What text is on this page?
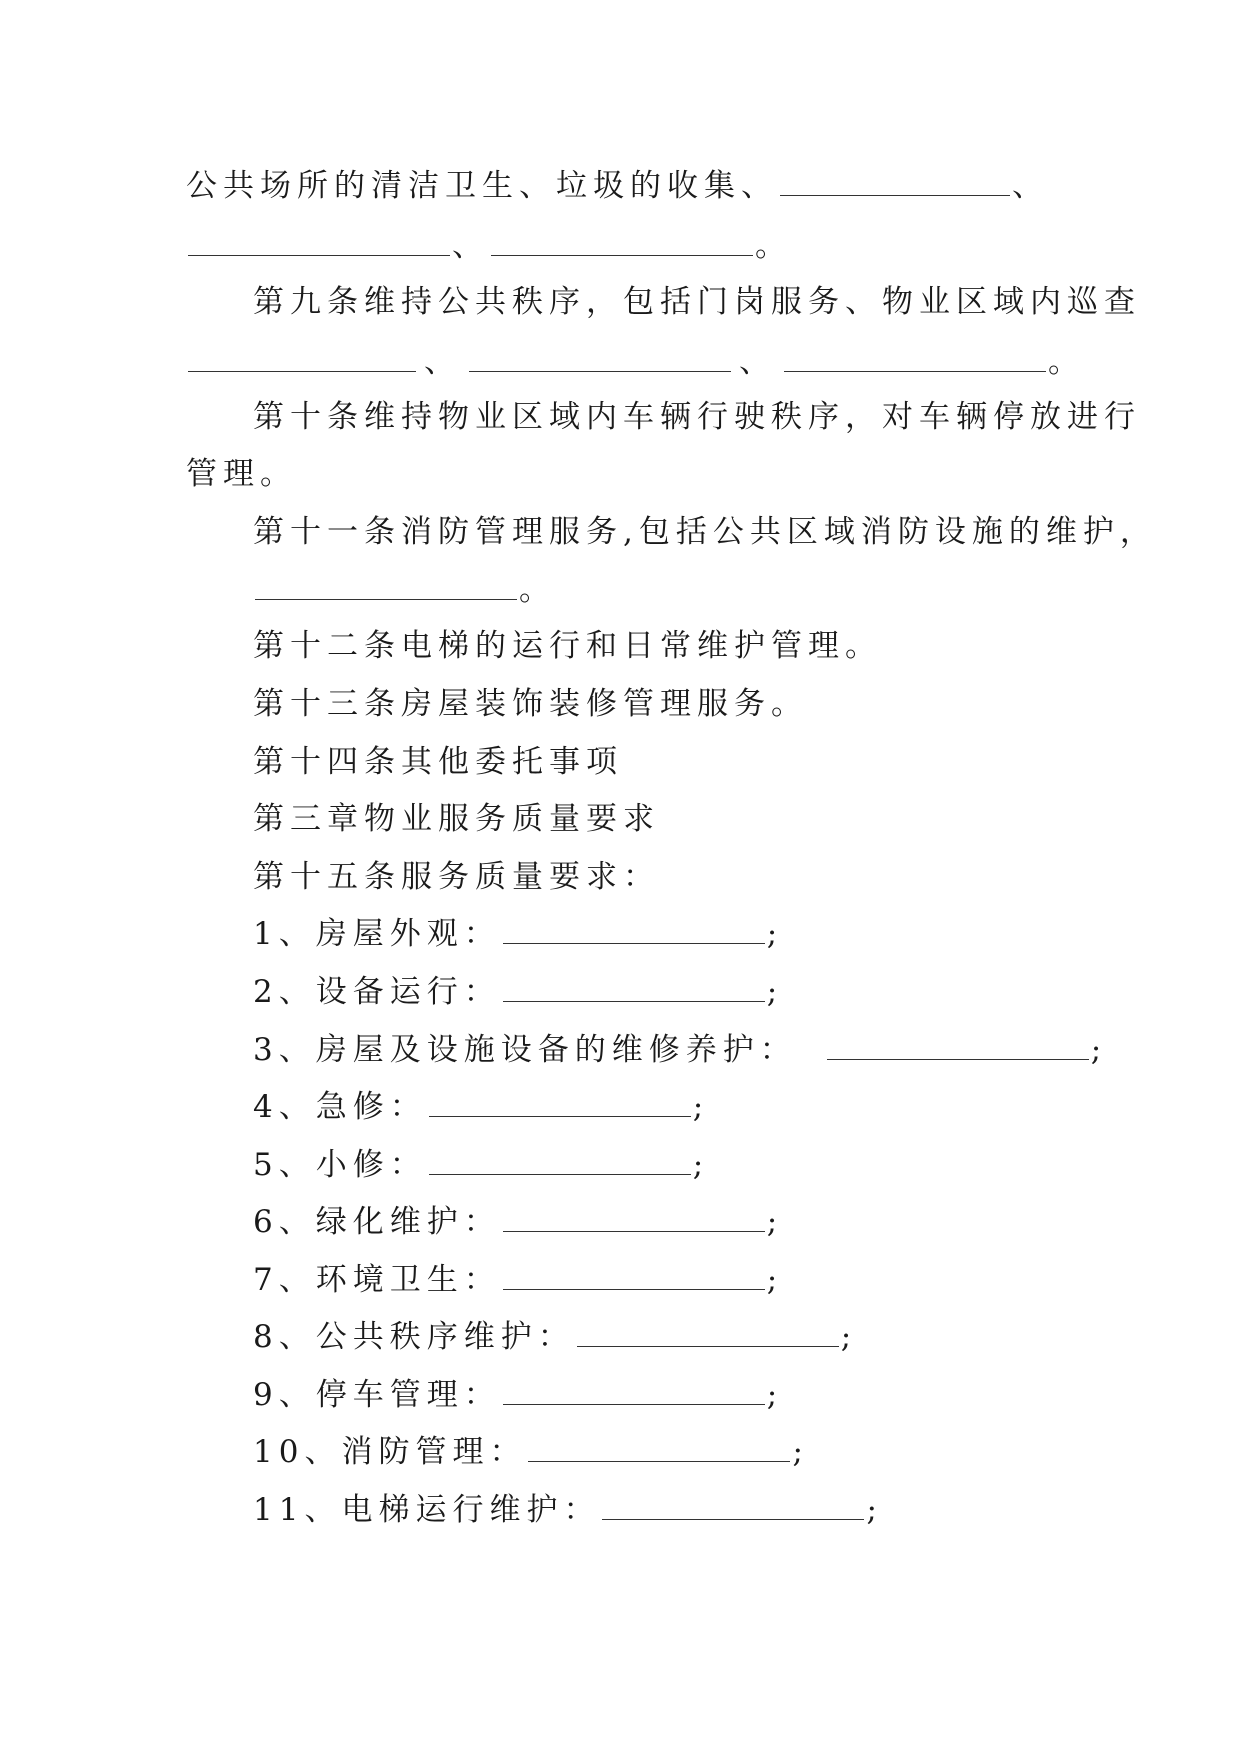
公共场所的清洁卫生、垃圾的收集、	、
、	。
第九条维持公共秩序，包括门岗服务、物业区域内巡查
、	、	。
第十条维持物业区域内车辆行驶秩序，对车辆停放进行
管理。
第十一条消防管理服务,包括公共区域消防设施的维护，
。
第十二条电梯的运行和日常维护管理。
第十三条房屋装饰装修管理服务。
第十四条其他委托事项
第三章物业服务质量要求
第十五条服务质量要求：
1、房屋外观：	;
2、设备运行：	;
3、房屋及设施设备的维修养护：	;
4、急修：	;
5、小修：	;
6、绿化维护：	;
7、环境卫生：	;
8、公共秩序维护：	;
9、停车管理：	;
10、消防管理：	;
11、电梯运行维护：	;
